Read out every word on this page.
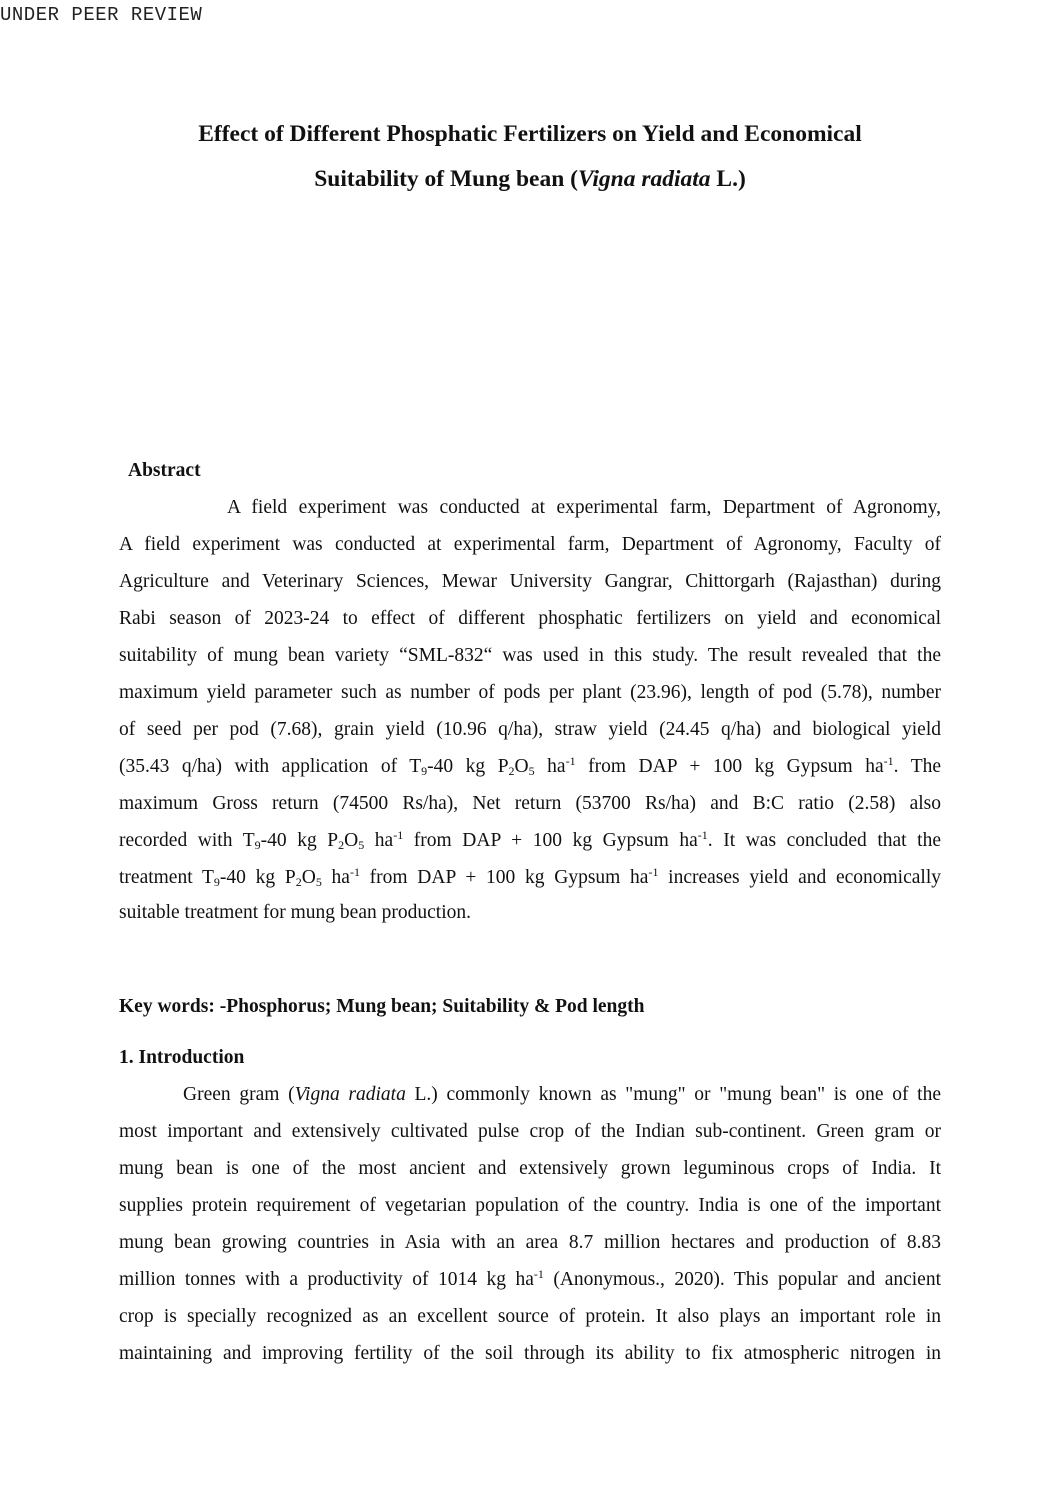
UNDER PEER REVIEW
Effect of Different Phosphatic Fertilizers on Yield and Economical
Suitability of Mung bean (Vigna radiata L.)
Abstract
A field experiment was conducted at experimental farm, Department of Agronomy,
A field experiment was conducted at experimental farm, Department of Agronomy, Faculty of
Agriculture and Veterinary Sciences, Mewar University Gangrar, Chittorgarh (Rajasthan) during
Rabi season of 2023-24 to effect of different phosphatic fertilizers on yield and economical
suitability of mung bean variety “SML-832“ was used in this study. The result revealed that the
maximum yield parameter such as number of pods per plant (23.96), length of pod (5.78), number
of seed per pod (7.68), grain yield (10.96 q/ha), straw yield (24.45 q/ha) and biological yield
(35.43 q/ha) with application of $T_9-40$ kg $P_2O_5$ $ha^{-1}$ from DAP + 100 kg Gypsum $ha^{-1}$. The
maximum Gross return (74500 Rs/ha), Net return (53700 Rs/ha) and B:C ratio (2.58) also
recorded with $T_9-40$ kg $P_2O_5$ $ha^{-1}$ from DAP + 100 kg Gypsum $ha^{-1}$. It was concluded that the
treatment $T_9-40$ kg $P_2O_5$ $ha^{-1}$ from DAP + 100 kg Gypsum $ha^{-1}$ increases yield and economically
suitable treatment for mung bean production.
Key words: -Phosphorus; Mung bean; Suitability & Pod length
1. Introduction
Green gram (Vigna radiata L.) commonly known as "mung" or "mung bean" is one of the
most important and extensively cultivated pulse crop of the Indian sub-continent. Green gram or
mung bean is one of the most ancient and extensively grown leguminous crops of India. It
supplies protein requirement of vegetarian population of the country. India is one of the important
mung bean growing countries in Asia with an area 8.7 million hectares and production of 8.83
million tonnes with a productivity of 1014 kg $ha^{-1}$ (Anonymous., 2020). This popular and ancient
crop is specially recognized as an excellent source of protein. It also plays an important role in
maintaining and improving fertility of the soil through its ability to fix atmospheric nitrogen in
